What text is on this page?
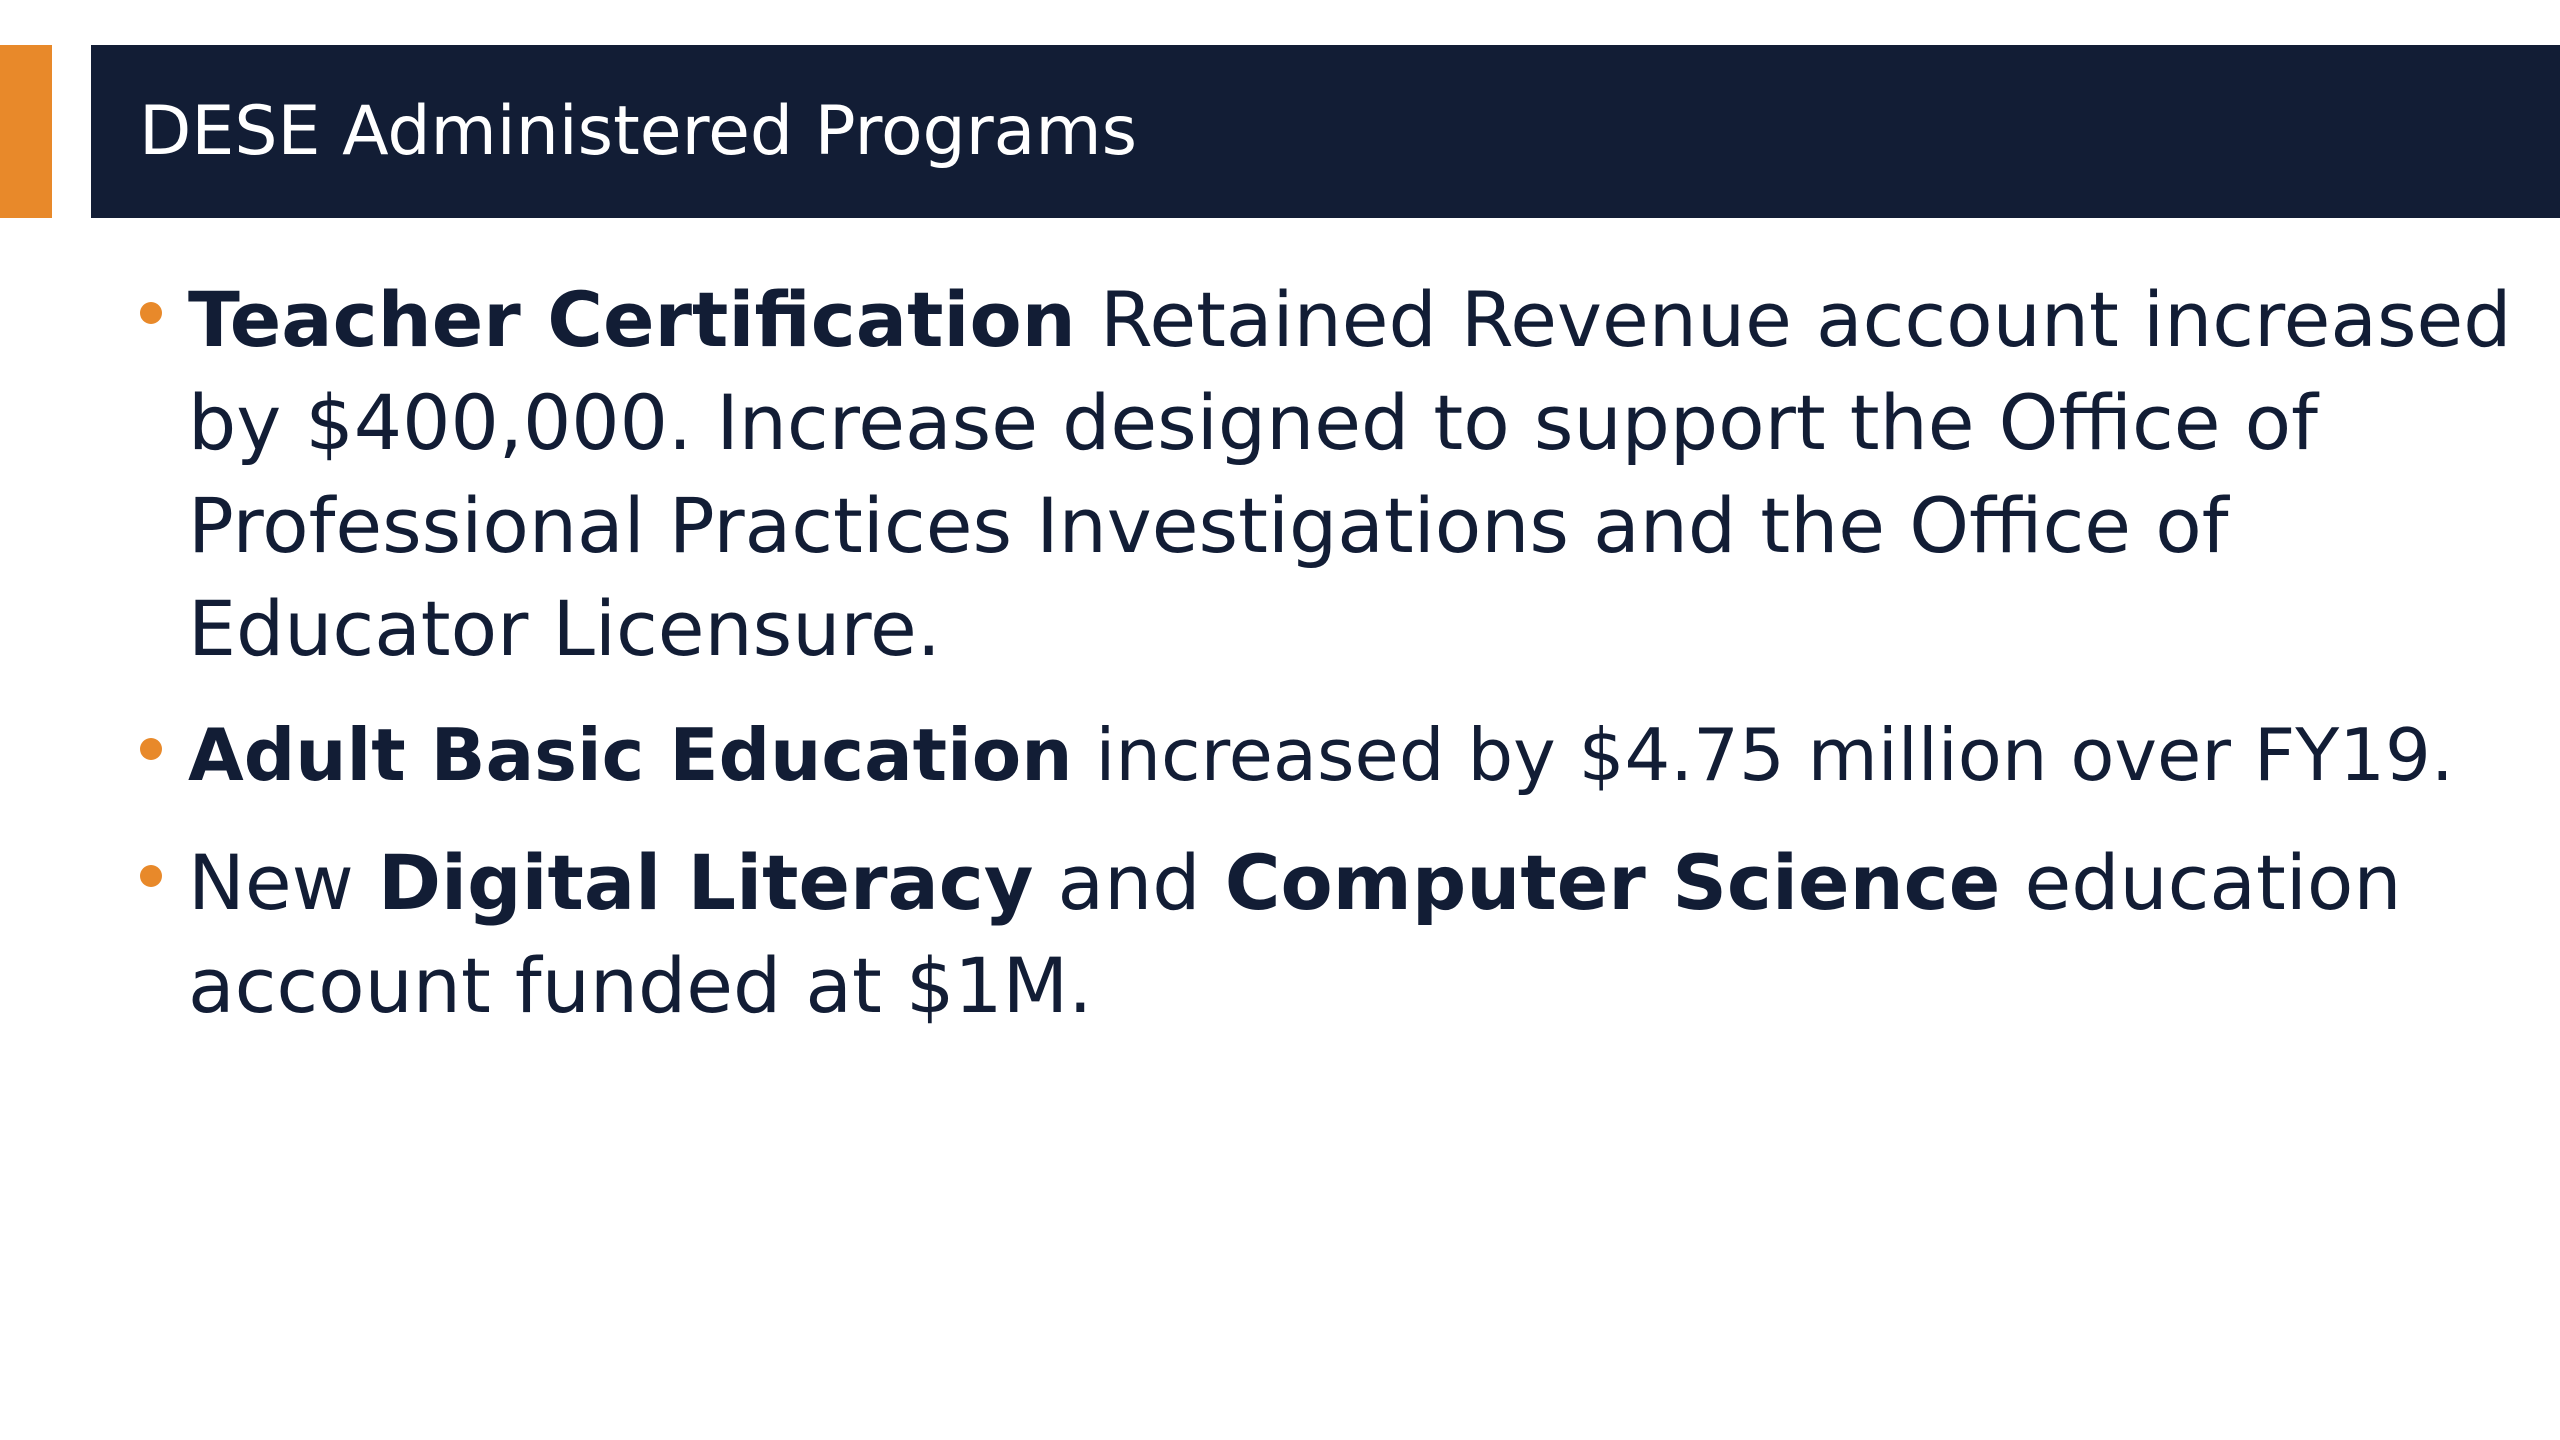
DESE Administered Programs
Teacher Certification Retained Revenue account increased by $400,000. Increase designed to support the Office of Professional Practices Investigations and the Office of Educator Licensure.
Adult Basic Education increased by $4.75 million over FY19.
New Digital Literacy and Computer Science education account funded at $1M.
